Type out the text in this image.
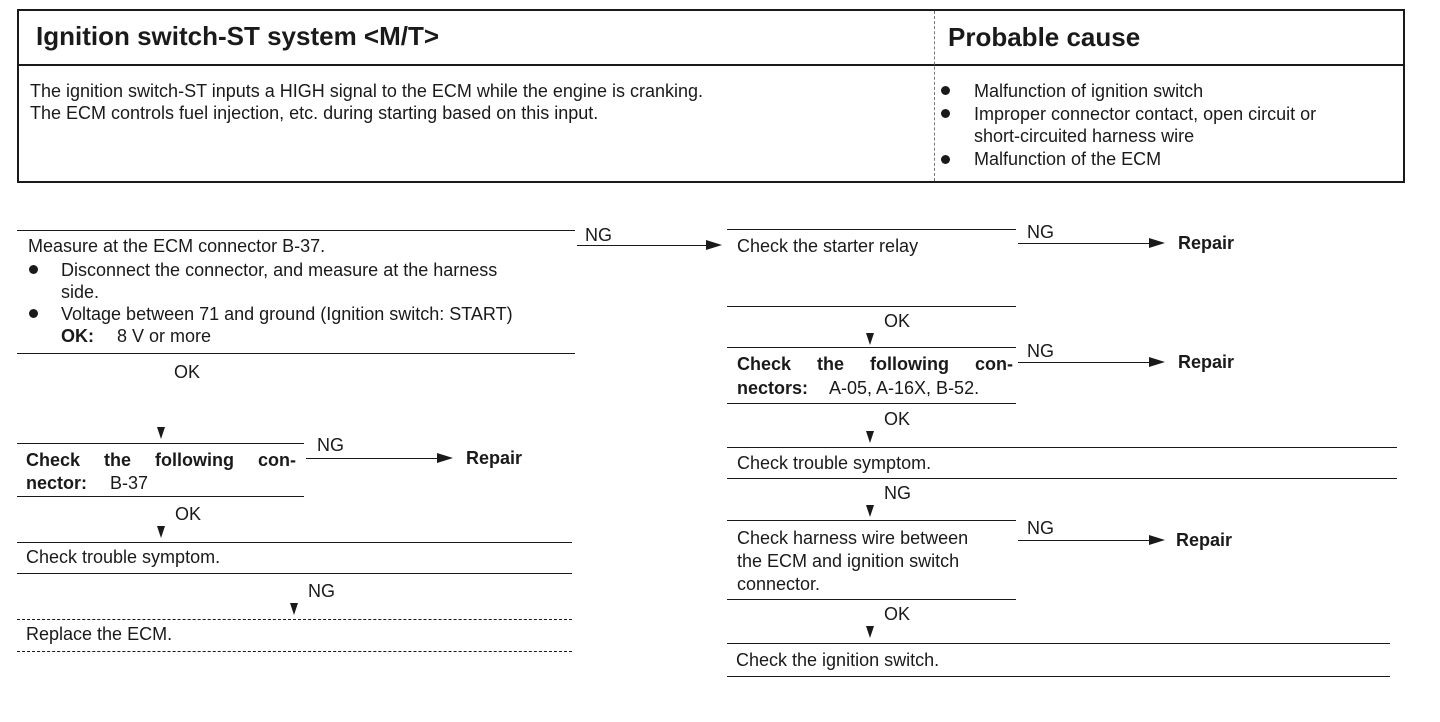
Ignition switch-ST system <M/T>	Probable cause
The ignition switch-ST inputs a HIGH signal to the ECM while the engine is cranking.
The ECM controls fuel injection, etc. during starting based on this input.
Malfunction of ignition switch
Improper connector contact, open circuit or
short-circuited harness wire
Malfunction of the ECM
Measure at the ECM connector B-37.
Disconnect the connector, and measure at the harness
side.
Voltage between 71 and ground (Ignition switch: START)
OK: 8 V or more
NG
OK
Check the following con-
nector: B-37
NG
Repair
OK
Check trouble symptom.
NG
Replace the ECM.
Check the starter relay
NG
Repair
OK
Check the following con-
nectors: A-05, A-16X, B-52.
NG
Repair
OK
Check trouble symptom.
NG
Check harness wire between
the ECM and ignition switch
connector.
NG
Repair
OK
Check the ignition switch.
